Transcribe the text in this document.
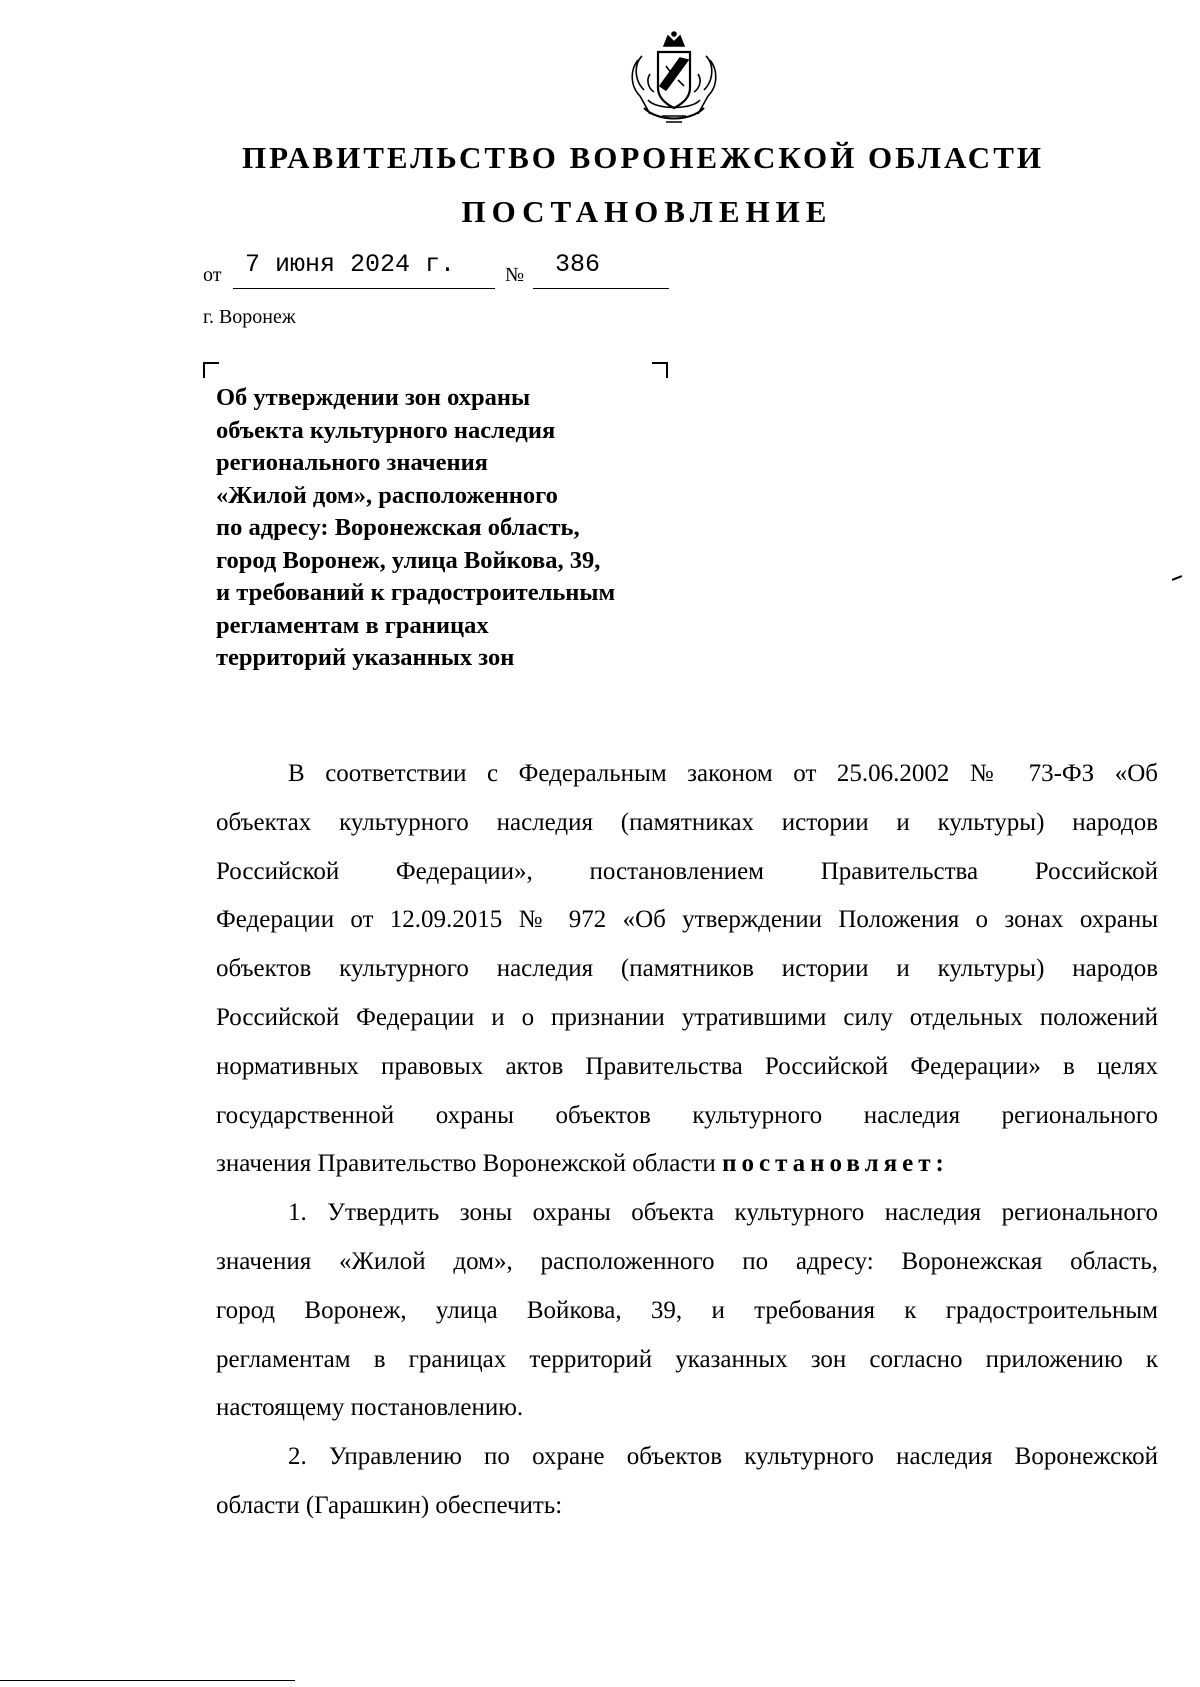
ПРАВИТЕЛЬСТВО ВОРОНЕЖСКОЙ ОБЛАСТИ
ПОСТАНОВЛЕНИЕ
от 7 июня 2024 г. № 386
г. Воронеж
Об утверждении зон охраны
объекта культурного наследия
регионального значения
«Жилой дом», расположенного
по адресу: Воронежская область,
город Воронеж, улица Войкова, 39,
и требований к градостроительным
регламентам в границах
территорий указанных зон
В соответствии с Федеральным законом от 25.06.2002 № 73-ФЗ «Об
объектах культурного наследия (памятниках истории и культуры) народов
Российской Федерации», постановлением Правительства Российской
Федерации от 12.09.2015 № 972 «Об утверждении Положения о зонах охраны
объектов культурного наследия (памятников истории и культуры) народов
Российской Федерации и о признании утратившими силу отдельных положений
нормативных правовых актов Правительства Российской Федерации» в целях
государственной охраны объектов культурного наследия регионального
значения Правительство Воронежской области постановляет:
1. Утвердить зоны охраны объекта культурного наследия регионального
значения «Жилой дом», расположенного по адресу: Воронежская область,
город Воронеж, улица Войкова, 39, и требования к градостроительным
регламентам в границах территорий указанных зон согласно приложению к
настоящему постановлению.
2. Управлению по охране объектов культурного наследия Воронежской
области (Гарашкин) обеспечить:
